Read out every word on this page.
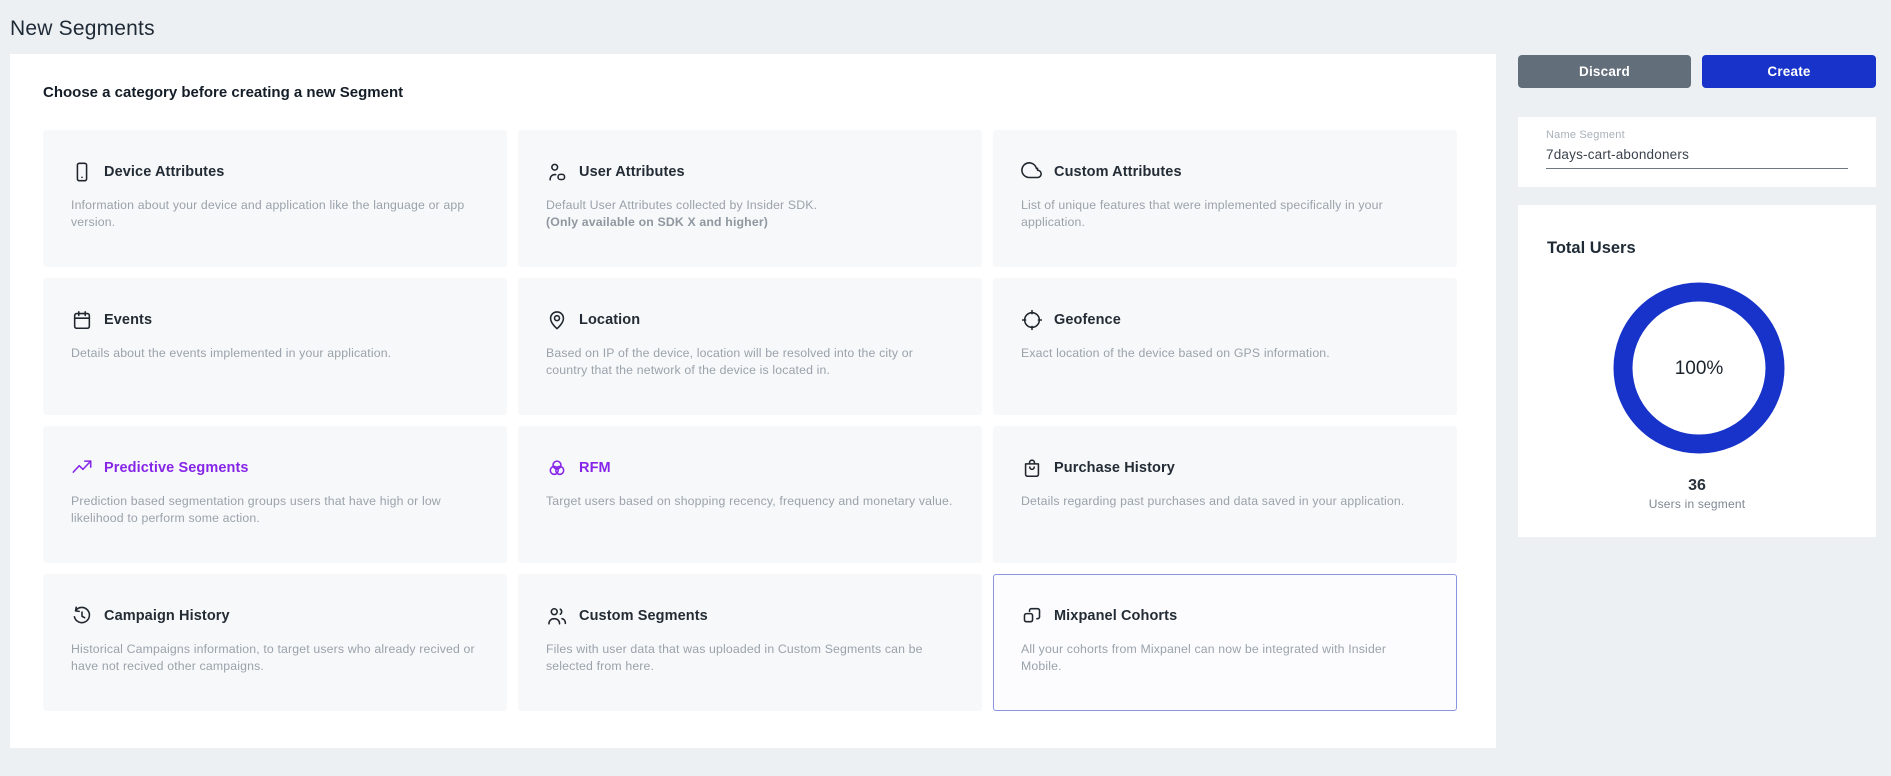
New Segments
Choose a category before creating a new Segment
Device Attributes
Information about your device and application like the language or app version.
User Attributes
Default User Attributes collected by Insider SDK.
(Only available on SDK X and higher)
Custom Attributes
List of unique features that were implemented specifically in your application.
Events
Details about the events implemented in your application.
Location
Based on IP of the device, location will be resolved into the city or country that the network of the device is located in.
Geofence
Exact location of the device based on GPS information.
Predictive Segments
Prediction based segmentation groups users that have high or low likelihood to perform some action.
RFM
Target users based on shopping recency, frequency and monetary value.
Purchase History
Details regarding past purchases and data saved in your application.
Campaign History
Historical Campaigns information, to target users who already recived or have not recived other campaigns.
Custom Segments
Files with user data that was uploaded in Custom Segments can be selected from here.
Mixpanel Cohorts
All your cohorts from Mixpanel can now be integrated with Insider Mobile.
Discard	Create
Name Segment
7days-cart-abondoners
Total Users
100%
36
Users in segment
